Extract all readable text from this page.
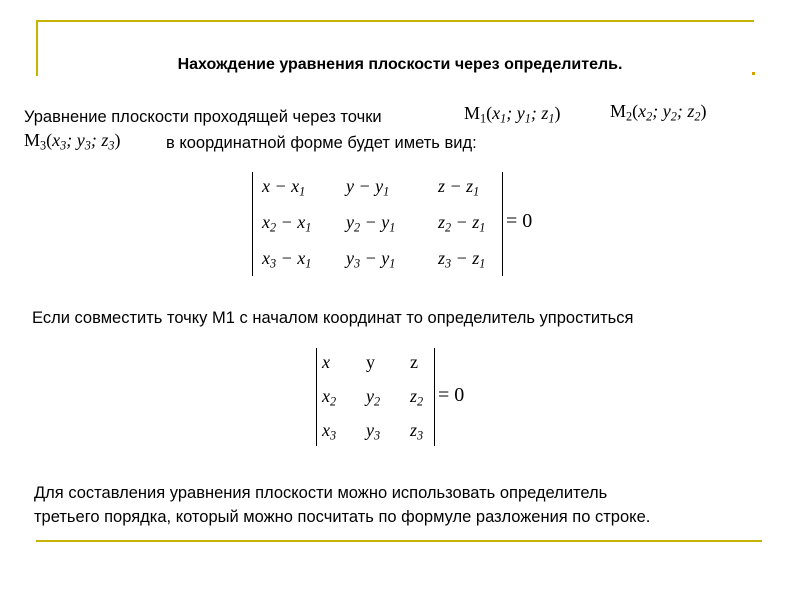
Нахождение уравнения плоскости через определитель.
Уравнение плоскости проходящей через точки	$M_1(x_1$; $y_1$; $z_1$)	$M_2(x_2$; $y_2$; $z_2$)
$M_3(x_3$; $y_3$; $z_3$)	в координатной форме будет иметь вид:
$x - x_1$	$y - y_1$	$z - z_1$
$x_2 - x_1$	$y_2 - y_1$	$z_2 - z_1$
$x_3 - x_1$	$y_3 - y_1$	$z_3 - z_1$
= 0
Если совместить точку М1 с началом координат то определитель упроститься
x	y	z
$x_2$	$y_2$	$z_2$
$x_3$	$y_3$	$z_3$
= 0
Для составления уравнения плоскости можно использовать определитель
третьего порядка, который можно посчитать по формуле разложения по строке.
